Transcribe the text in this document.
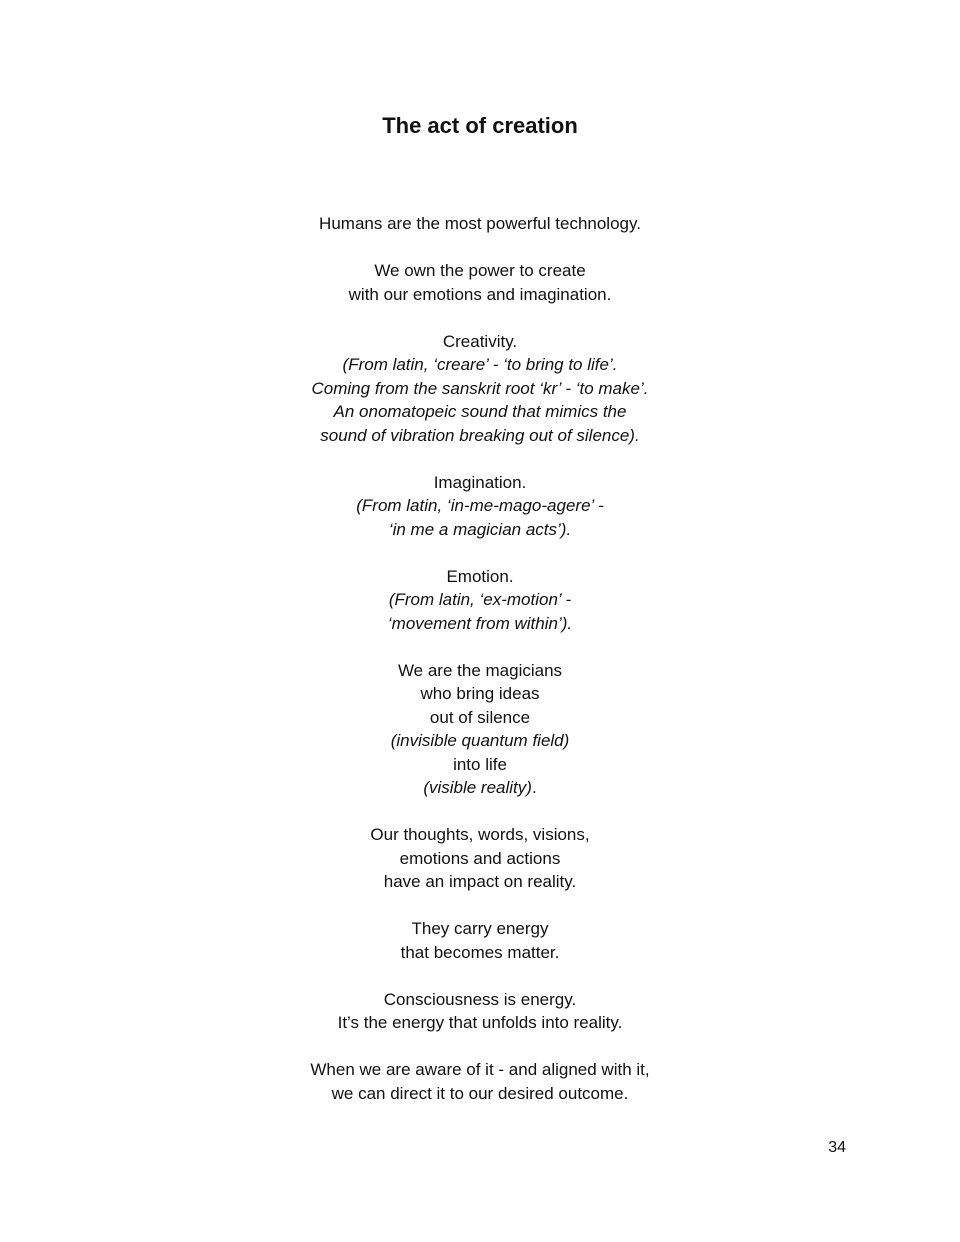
The act of creation
Humans are the most powerful technology.
We own the power to create
with our emotions and imagination.
Creativity.
(From latin, ‘creare’ - ‘to bring to life’.
Coming from the sanskrit root ‘kr’ - ‘to make’.
An onomatopeic sound that mimics the
sound of vibration breaking out of silence).
Imagination.
(From latin, ‘in-me-mago-agere’ -
‘in me a magician acts’).
Emotion.
(From latin, ‘ex-motion’ -
‘movement from within’).
We are the magicians
who bring ideas
out of silence
(invisible quantum field)
into life
(visible reality).
Our thoughts, words, visions,
emotions and actions
have an impact on reality.
They carry energy
that becomes matter.
Consciousness is energy.
It’s the energy that unfolds into reality.
When we are aware of it - and aligned with it,
we can direct it to our desired outcome.
34
